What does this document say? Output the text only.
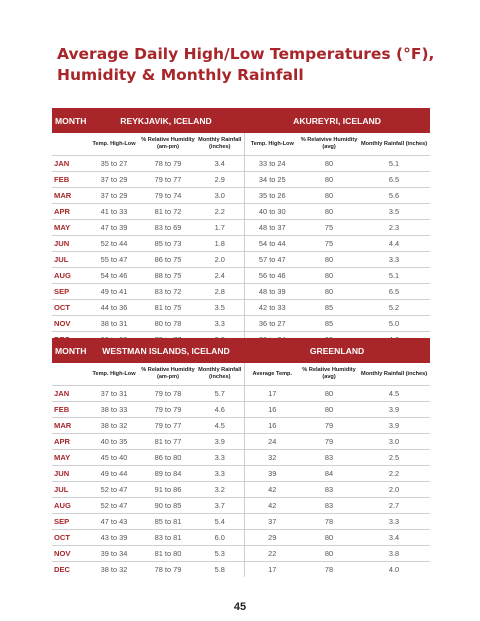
Average Daily High/Low Temperatures (°F),
Humidity & Monthly Rainfall
MONTH	REYKJAVIK, ICELAND			AKUREYRI, ICELAND		
	Temp. High-Low	% Relative Humidity (am-pm)	Monthly Rainfall (inches)	Temp. High-Low	% Relatvive Humidity (avg)	Monthly Rainfall (inches)
JAN	35 to 27	78 to 79	3.4	33 to 24	80	5.1
FEB	37 to 29	79 to 77	2.9	34 to 25	80	6.5
MAR	37 to 29	79 to 74	3.0	35 to 26	80	5.6
APR	41 to 33	81 to 72	2.2	40 to 30	80	3.5
MAY	47 to 39	83 to 69	1.7	48 to 37	75	2.3
JUN	52 to 44	85 to 73	1.8	54 to 44	75	4.4
JUL	55 to 47	86 to 75	2.0	57 to 47	80	3.3
AUG	54 to 46	88 to 75	2.4	56 to 46	80	5.1
SEP	49 to 41	83 to 72	2.8	48 to 39	80	6.5
OCT	44 to 36	81 to 75	3.5	42 to 33	85	5.2
NOV	38 to 31	80 to 78	3.3	36 to 27	85	5.0

MONTH	WESTMAN ISLANDS, ICELAND			GREENLAND		
	Temp. High-Low	% Relative Humidity (am-pm)	Monthly Rainfall (inches)	Average Temp.	% Relative Humidity (avg)	Monthly Rainfall (inches)
JAN	37 to 31	79 to 78	5.7	17	80	4.5
FEB	38 to 33	79 to 79	4.6	16	80	3.9
MAR	38 to 32	79 to 77	4.5	16	79	3.9
APR	40 to 35	81 to 77	3.9	24	79	3.0
MAY	45 to 40	86 to 80	3.3	32	83	2.5
JUN	49 to 44	89 to 84	3.3	39	84	2.2
JUL	52 to 47	91 to 86	3.2	42	83	2.0
AUG	52 to 47	90 to 85	3.7	42	83	2.7
SEP	47 to 43	85 to 81	5.4	37	78	3.3
OCT	43 to 39	83 to 81	6.0	29	80	3.4
NOV	39 to 34	81 to 80	5.3	22	80	3.8
DEC	38 to 32	78 to 79	5.8	17	78	4.0
45
